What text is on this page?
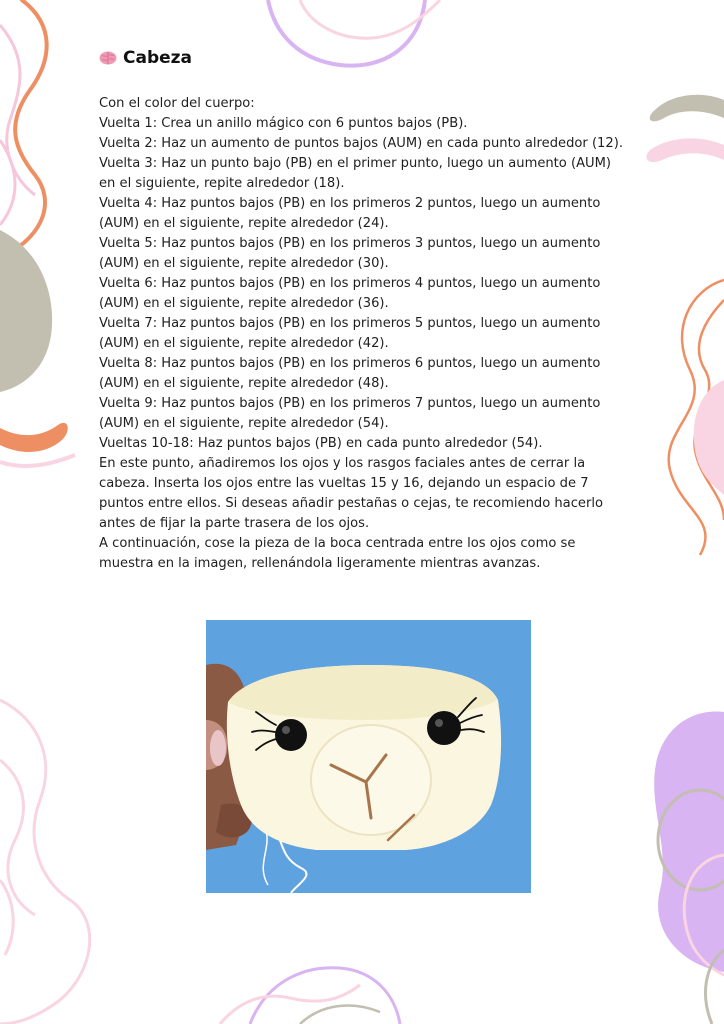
Cabeza

Con el color del cuerpo:

Vuelta 1: Crea un anillo mágico con 6 puntos bajos (PB).

Vuelta 2: Haz un aumento de puntos bajos (AUM) en cada punto alrededor (12).

Vuelta 3: Haz un punto bajo (PB) en el primer punto, luego un aumento (AUM) en el siguiente, repite alrededor (18).

Vuelta 4: Haz puntos bajos (PB) en los primeros 2 puntos, luego un aumento (AUM) en el siguiente, repite alrededor (24).

Vuelta 5: Haz puntos bajos (PB) en los primeros 3 puntos, luego un aumento (AUM) en el siguiente, repite alrededor (30).

Vuelta 6: Haz puntos bajos (PB) en los primeros 4 puntos, luego un aumento (AUM) en el siguiente, repite alrededor (36).

Vuelta 7: Haz puntos bajos (PB) en los primeros 5 puntos, luego un aumento (AUM) en el siguiente, repite alrededor (42).

Vuelta 8: Haz puntos bajos (PB) en los primeros 6 puntos, luego un aumento (AUM) en el siguiente, repite alrededor (48).

Vuelta 9: Haz puntos bajos (PB) en los primeros 7 puntos, luego un aumento (AUM) en el siguiente, repite alrededor (54).

Vueltas 10-18: Haz puntos bajos (PB) en cada punto alrededor (54).

En este punto, añadiremos los ojos y los rasgos faciales antes de cerrar la cabeza. Inserta los ojos entre las vueltas 15 y 16, dejando un espacio de 7 puntos entre ellos. Si deseas añadir pestañas o cejas, te recomiendo hacerlo antes de fijar la parte trasera de los ojos.

A continuación, cose la pieza de la boca centrada entre los ojos como se muestra en la imagen, rellenándola ligeramente mientras avanzas.
